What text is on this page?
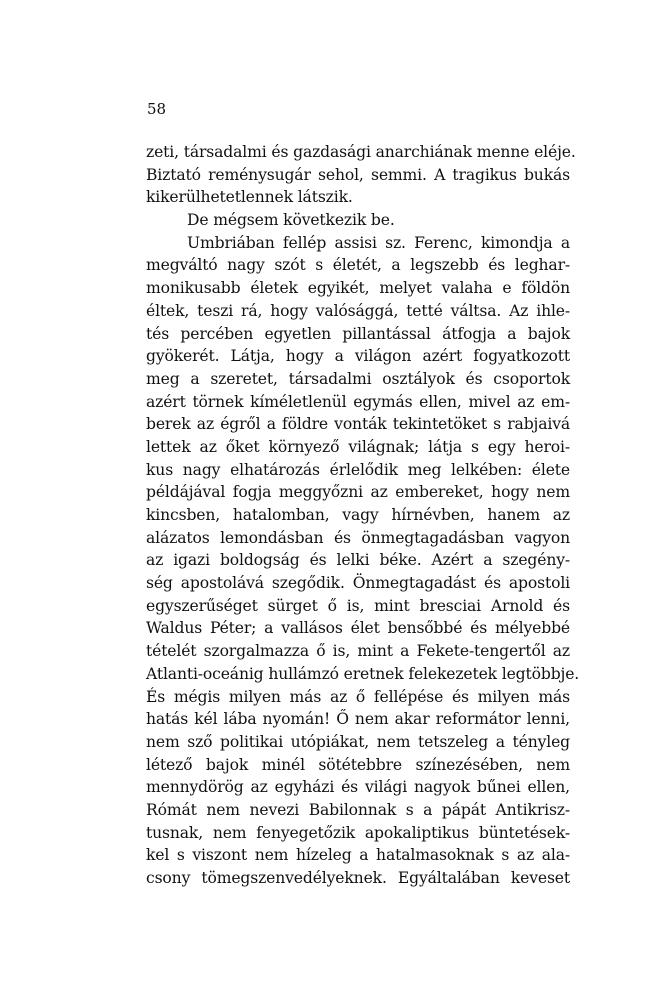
58
zeti, társadalmi és gazdasági anarchiának menne eléje.
Biztató reménysugár sehol, semmi. A tragikus bukás
kikerülhetetlennek látszik.
De mégsem következik be.
Umbriában fellép assisi sz. Ferenc, kimondja a
megváltó nagy szót s életét, a legszebb és leghar-
monikusabb életek egyikét, melyet valaha e földön
éltek, teszi rá, hogy valósággá, tetté váltsa. Az ihle-
tés percében egyetlen pillantással átfogja a bajok
gyökerét. Látja, hogy a világon azért fogyatkozott
meg a szeretet, társadalmi osztályok és csoportok
azért törnek kíméletlenül egymás ellen, mivel az em-
berek az égről a földre vonták tekintetöket s rabjaivá
lettek az őket környező világnak; látja s egy heroi-
kus nagy elhatározás érlelődik meg lelkében: élete
példájával fogja meggyőzni az embereket, hogy nem
kincsben, hatalomban, vagy hírnévben, hanem az
alázatos lemondásban és önmegtagadásban vagyon
az igazi boldogság és lelki béke. Azért a szegény-
ség apostolává szegődik. Önmegtagadást és apostoli
egyszerűséget sürget ő is, mint bresciai Arnold és
Waldus Péter; a vallásos élet bensőbbé és mélyebbé
tételét szorgalmazza ő is, mint a Fekete-tengertől az
Atlanti-oceánig hullámzó eretnek felekezetek legtöbbje.
És mégis milyen más az ő fellépése és milyen más
hatás kél lába nyomán! Ő nem akar reformátor lenni,
nem sző politikai utópiákat, nem tetszeleg a tényleg
létező bajok minél sötétebbre színezésében, nem
mennydörög az egyházi és világi nagyok bűnei ellen,
Rómát nem nevezi Babilonnak s a pápát Antikrisz-
tusnak, nem fenyegetőzik apokaliptikus büntetések-
kel s viszont nem hízeleg a hatalmasoknak s az ala-
csony tömegszenvedélyeknek. Egyáltalában keveset
